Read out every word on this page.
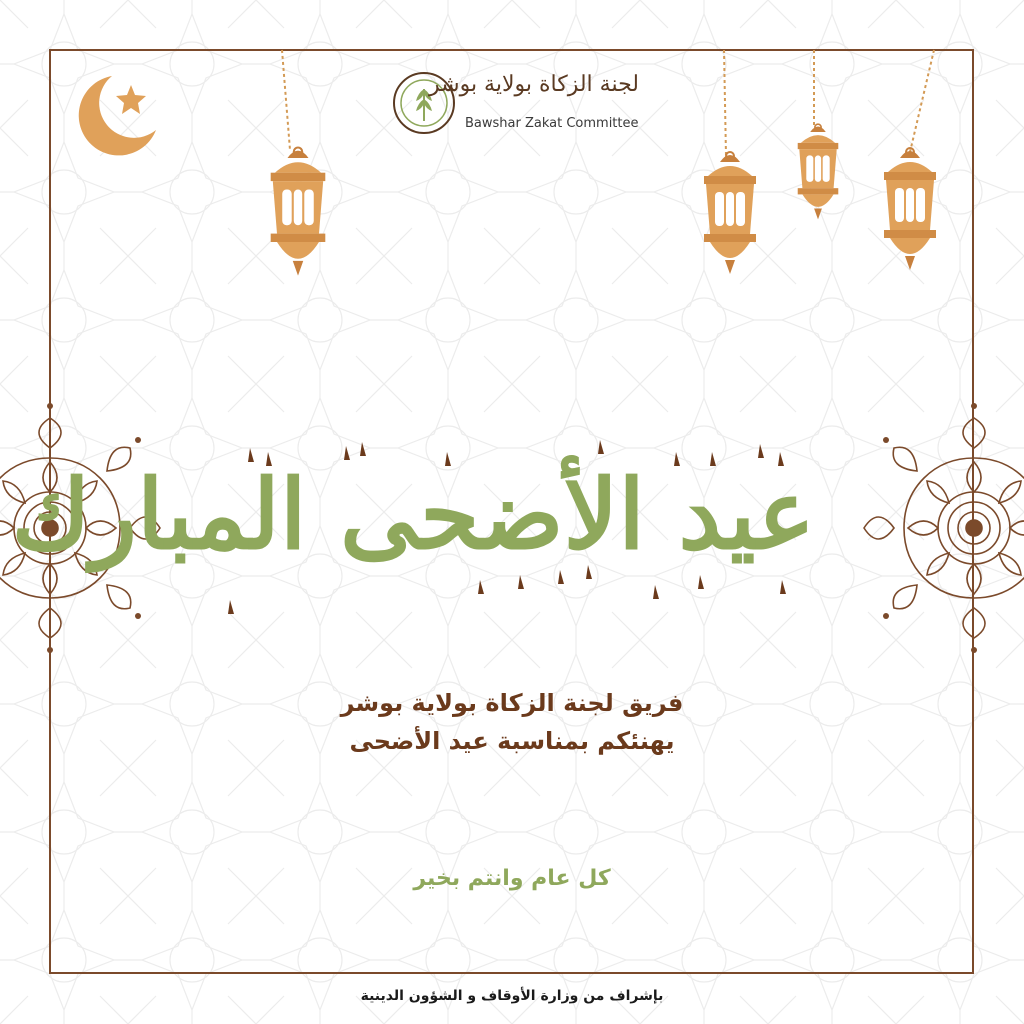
لجنة الزكاة بولاية بوشر
Bawshar Zakat Committee
عيد الأضحى المبارك
فريق لجنة الزكاة بولاية بوشر
يهنئكم بمناسبة عيد الأضحى
كل عام وانتم بخير
بإشراف من وزارة الأوقاف و الشؤون الدينية
